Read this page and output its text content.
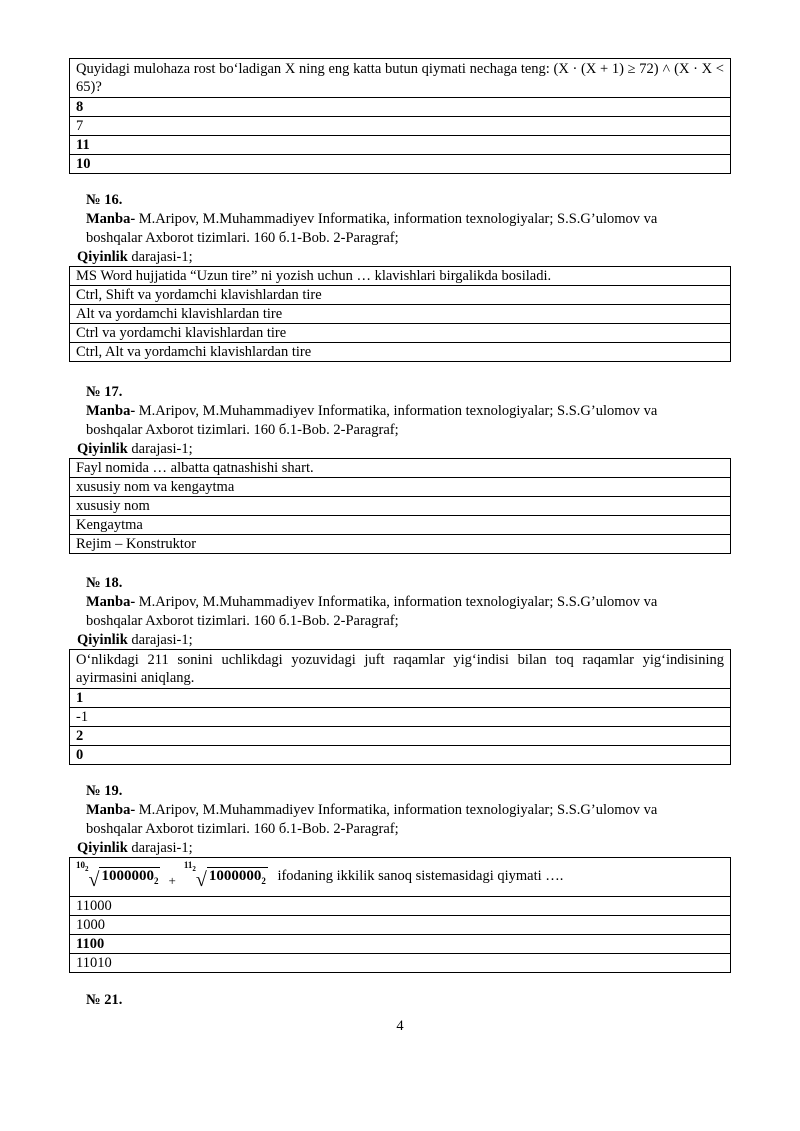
Quyidagi mulohaza rost bo‘ladigan X ning eng katta butun qiymati nechaga teng: (X · (X + 1) ≥ 72) ˄ (X · X < 65)?
8
7
11
10
№ 16.
Manba- M.Aripov, M.Muhammadiyev Informatika, information texnologiyalar; S.S.G’ulomov va
boshqalar Axborot tizimlari. 160 б.1-Bob. 2-Paragraf;
Qiyinlik darajasi-1;
MS Word hujjatida “Uzun tire” ni yozish uchun … klavishlari birgalikda bosiladi.
Ctrl, Shift va yordamchi klavishlardan tire
Alt va yordamchi klavishlardan tire
Ctrl va yordamchi klavishlardan tire
Ctrl, Alt va yordamchi klavishlardan tire
№ 17.
Manba- M.Aripov, M.Muhammadiyev Informatika, information texnologiyalar; S.S.G’ulomov va
boshqalar Axborot tizimlari. 160 б.1-Bob. 2-Paragraf;
Qiyinlik darajasi-1;
Fayl nomida … albatta qatnashishi shart.
xususiy nom va kengaytma
xususiy nom
Kengaytma
Rejim – Konstruktor
№ 18.
Manba- M.Aripov, M.Muhammadiyev Informatika, information texnologiyalar; S.S.G’ulomov va
boshqalar Axborot tizimlari. 160 б.1-Bob. 2-Paragraf;
Qiyinlik darajasi-1;
O‘nlikdagi 211 sonini uchlikdagi yozuvidagi juft raqamlar yig‘indisi bilan toq raqamlar yig‘indisining ayirmasini aniqlang.
1
-1
2
0
№ 19.
Manba- M.Aripov, M.Muhammadiyev Informatika, information texnologiyalar; S.S.G’ulomov va
boshqalar Axborot tizimlari. 160 б.1-Bob. 2-Paragraf;
Qiyinlik darajasi-1;
$10_2$ √ $1000000_2$ +
$11_2$ √ $1000000_2$ ifodaning ikkilik sanoq sistemasidagi qiymati ….
11000
1000
1100
11010
№ 21.
4
